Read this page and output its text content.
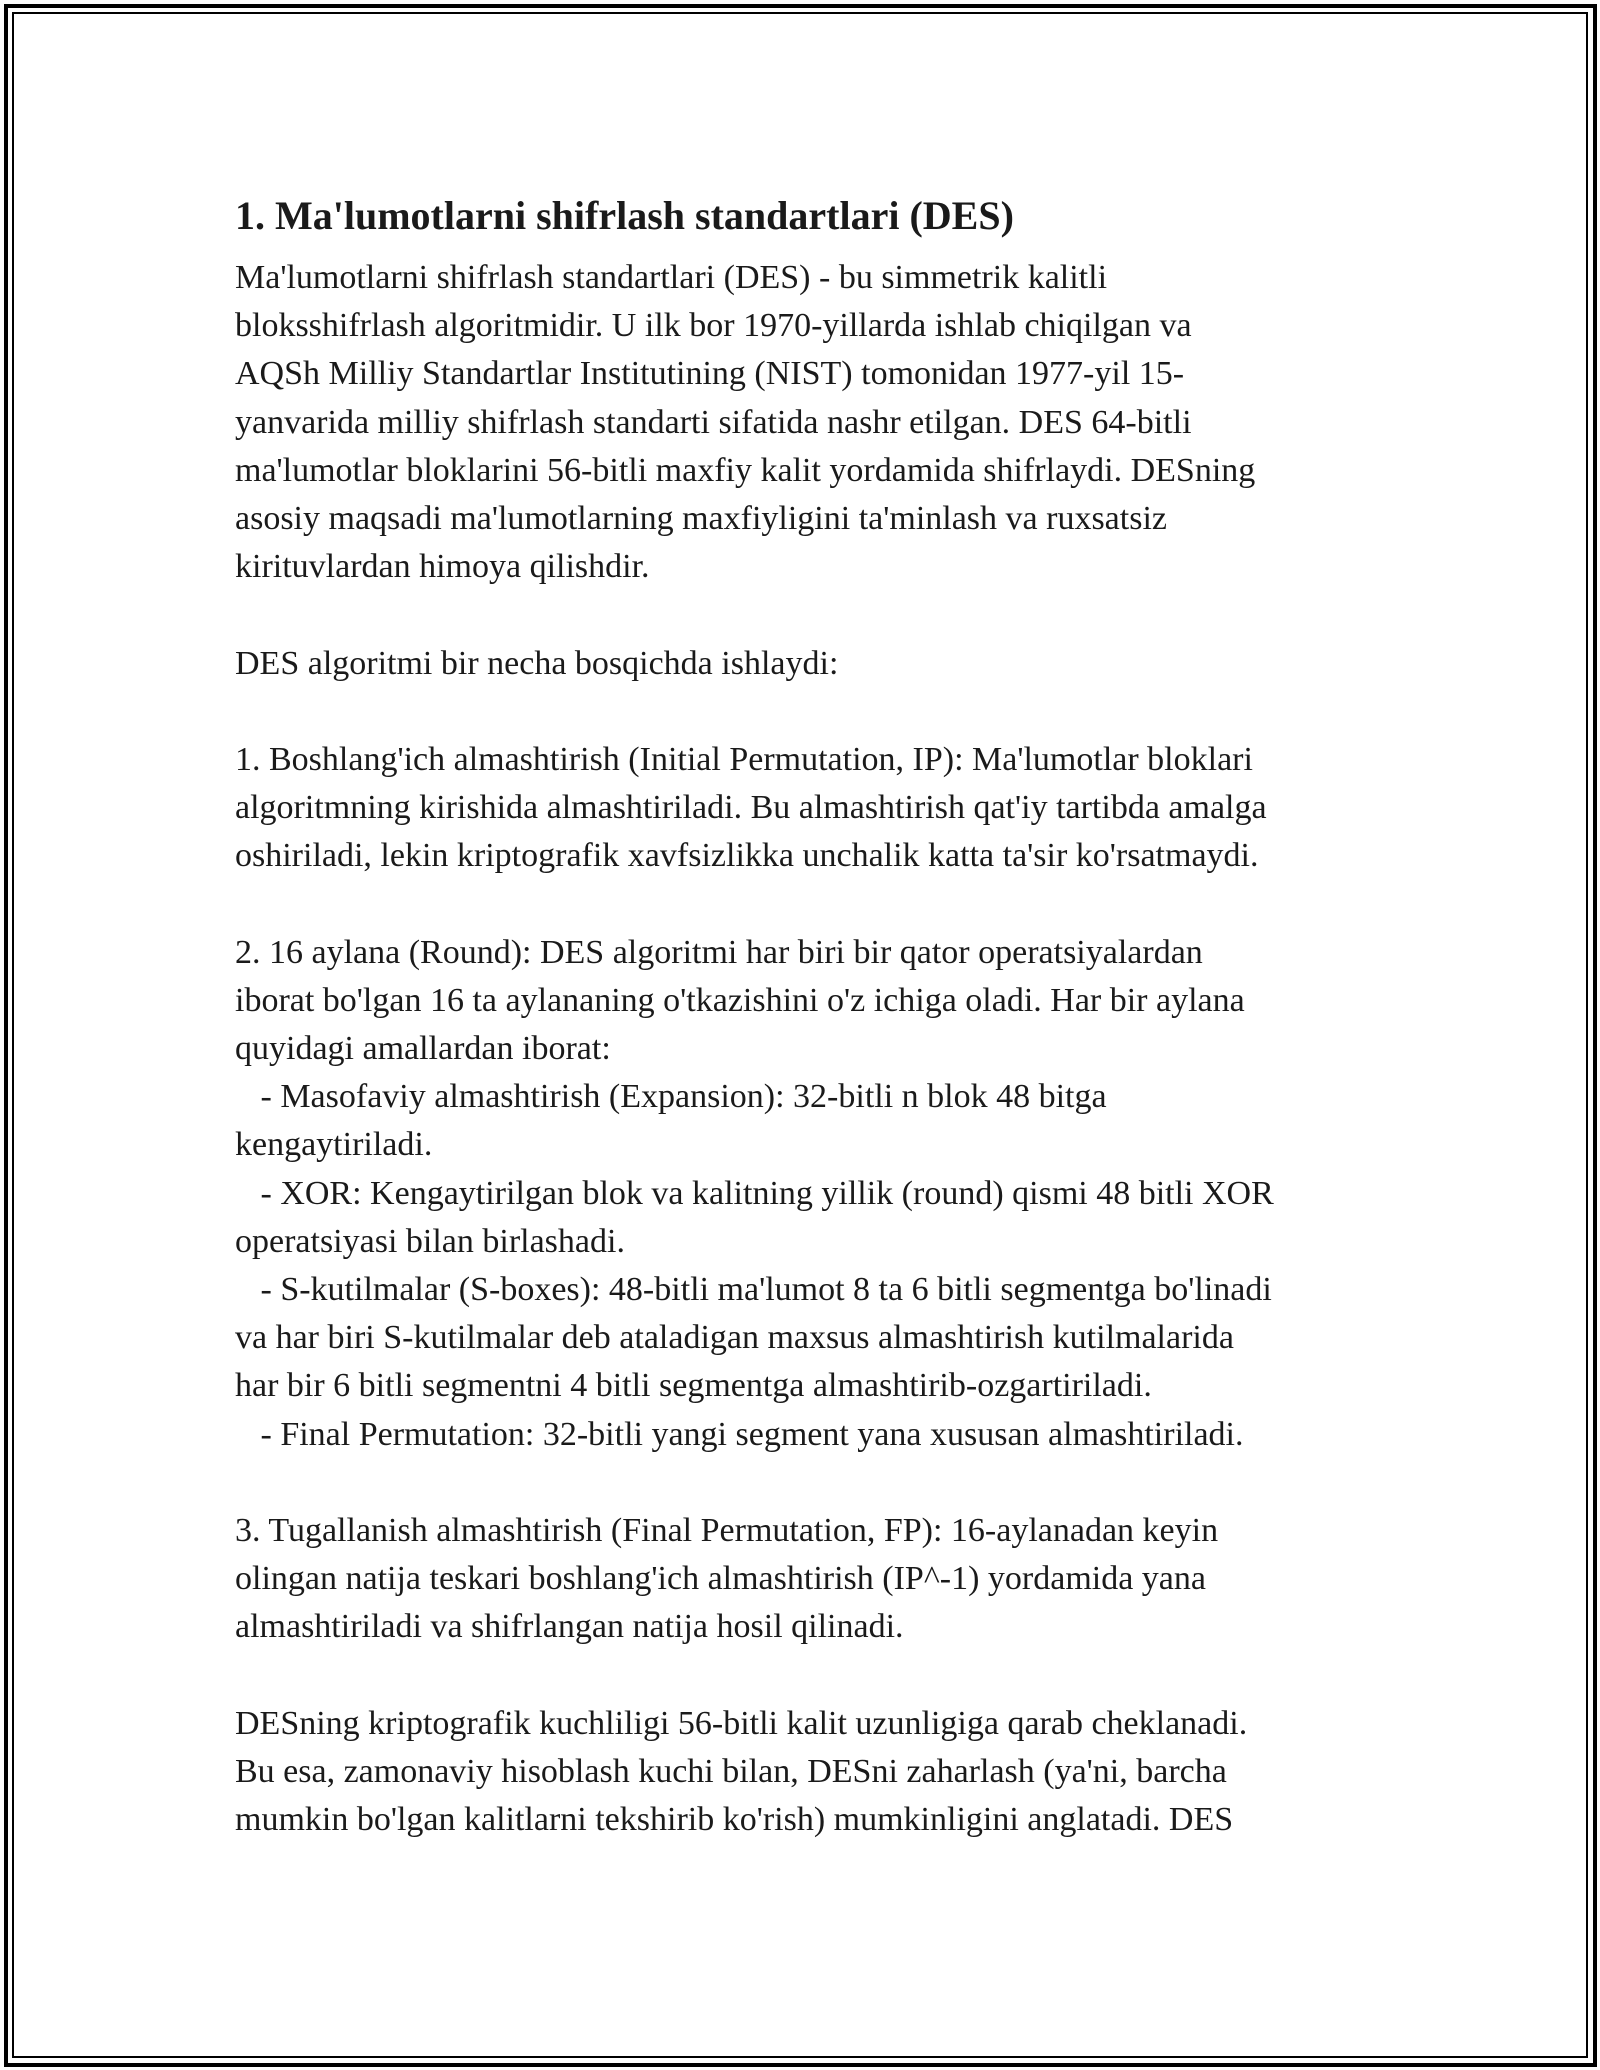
1. Ma'lumotlarni shifrlash standartlari (DES)
Ma'lumotlarni shifrlash standartlari (DES) - bu simmetrik kalitli
bloksshifrlash algoritmidir. U ilk bor 1970-yillarda ishlab chiqilgan va
AQSh Milliy Standartlar Institutining (NIST) tomonidan 1977-yil 15-
yanvarida milliy shifrlash standarti sifatida nashr etilgan. DES 64-bitli
ma'lumotlar bloklarini 56-bitli maxfiy kalit yordamida shifrlaydi. DESning
asosiy maqsadi ma'lumotlarning maxfiyligini ta'minlash va ruxsatsiz
kirituvlardan himoya qilishdir.
DES algoritmi bir necha bosqichda ishlaydi:
1. Boshlang'ich almashtirish (Initial Permutation, IP): Ma'lumotlar bloklari
algoritmning kirishida almashtiriladi. Bu almashtirish qat'iy tartibda amalga
oshiriladi, lekin kriptografik xavfsizlikka unchalik katta ta'sir ko'rsatmaydi.
2. 16 aylana (Round): DES algoritmi har biri bir qator operatsiyalardan
iborat bo'lgan 16 ta aylananing o'tkazishini o'z ichiga oladi. Har bir aylana
quyidagi amallardan iborat:
- Masofaviy almashtirish (Expansion): 32-bitli n blok 48 bitga
kengaytiriladi.
- XOR: Kengaytirilgan blok va kalitning yillik (round) qismi 48 bitli XOR
operatsiyasi bilan birlashadi.
- S-kutilmalar (S-boxes): 48-bitli ma'lumot 8 ta 6 bitli segmentga bo'linadi
va har biri S-kutilmalar deb ataladigan maxsus almashtirish kutilmalarida
har bir 6 bitli segmentni 4 bitli segmentga almashtirib-ozgartiriladi.
- Final Permutation: 32-bitli yangi segment yana xususan almashtiriladi.
3. Tugallanish almashtirish (Final Permutation, FP): 16-aylanadan keyin
olingan natija teskari boshlang'ich almashtirish (IP^-1) yordamida yana
almashtiriladi va shifrlangan natija hosil qilinadi.
DESning kriptografik kuchliligi 56-bitli kalit uzunligiga qarab cheklanadi.
Bu esa, zamonaviy hisoblash kuchi bilan, DESni zaharlash (ya'ni, barcha
mumkin bo'lgan kalitlarni tekshirib ko'rish) mumkinligini anglatadi. DES
